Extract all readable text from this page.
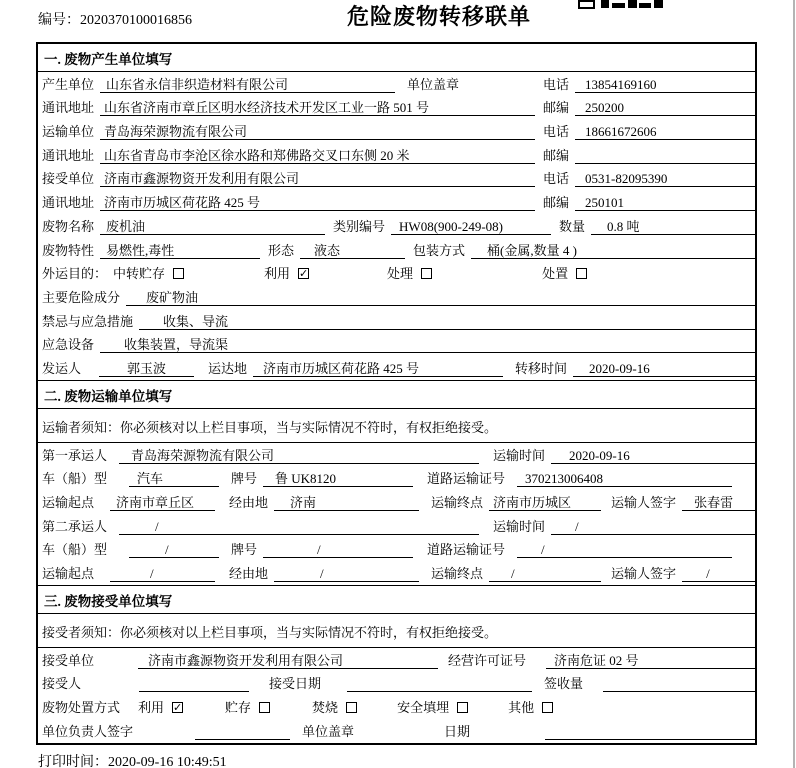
编号：2020370100016856	危险废物转移联单
一. 废物产生单位填写
产生单位 山东省永信非织造材料有限公司	单位盖章	电话	13854169160
通讯地址 山东省济南市章丘区明水经济技术开发区工业一路 501 号	邮编	250200
运输单位 青岛海荣源物流有限公司	电话	18661672606
通讯地址 山东省青岛市李沧区徐水路和郑佛路交叉口东侧 20 米	邮编
接受单位 济南市鑫源物资开发利用有限公司	电话	0531-82095390
通讯地址 济南市历城区荷花路 425 号	邮编	250101
废物名称 废机油	类别编号	HW08(900-249-08)	数量	0.8 吨
废物特性 易燃性,毒性	形态	液态	包装方式	桶(金属,数量 4 )
外运目的： 中转贮存	利用 ✓	处理	处置
主要危险成分	废矿物油
禁忌与应急措施	收集、导流
应急设备	收集装置，导流渠
发运人	郭玉波	运达地	济南市历城区荷花路 425 号	转移时间	2020-09-16
二. 废物运输单位填写
运输者须知：你必须核对以上栏目事项，当与实际情况不符时，有权拒绝接受。
第一承运人	青岛海荣源物流有限公司	运输时间	2020-09-16
车（船）型	汽车	牌号	鲁 UK8120	道路运输证号	370213006408
运输起点	济南市章丘区	经由地	济南	运输终点 济南市历城区	运输人签字	张春雷
第二承运人	/	运输时间	/
车（船）型	/	牌号	/	道路运输证号	/
运输起点	/	经由地	/	运输终点	/	运输人签字	/
三. 废物接受单位填写
接受者须知：你必须核对以上栏目事项，当与实际情况不符时，有权拒绝接受。
接受单位	济南市鑫源物资开发利用有限公司	经营许可证号	济南危证 02 号
接受人	接受日期	签收量
废物处置方式 利用 ✓	贮存	焚烧	安全填埋	其他
单位负责人签字	单位盖章	日期
打印时间：2020-09-16 10:49:51
